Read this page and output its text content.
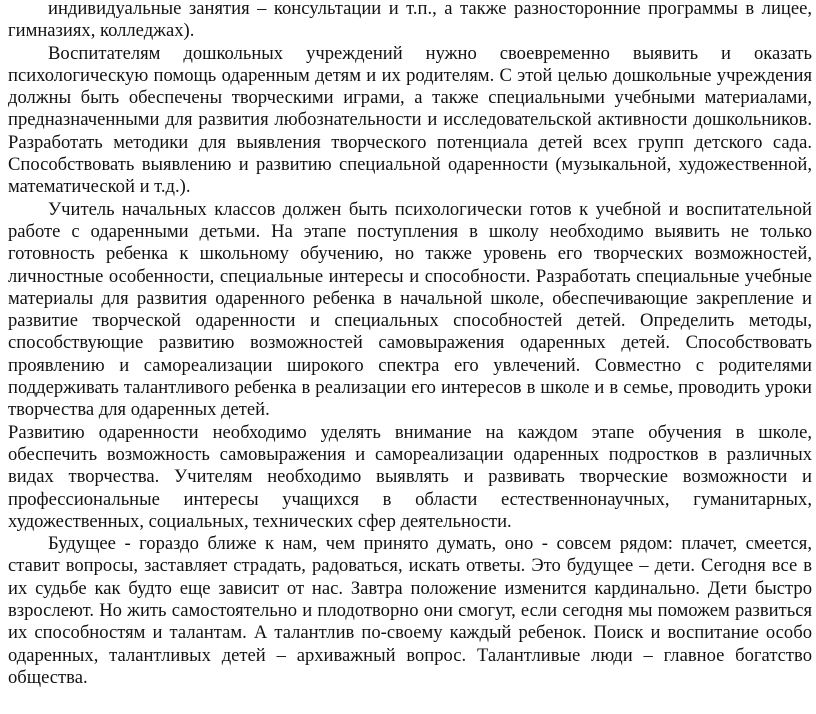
индивидуальные занятия – консультации и т.п., а также разносторонние программы в лицее, гимназиях, колледжах).

Воспитателям дошкольных учреждений нужно своевременно выявить и оказать психологическую помощь одаренным детям и их родителям. С этой целью дошкольные учреждения должны быть обеспечены творческими играми, а также специальными учебными материалами, предназначенными для развития любознательности и исследовательской активности дошкольников. Разработать методики для выявления творческого потенциала детей всех групп детского сада. Способствовать выявлению и развитию специальной одаренности (музыкальной, художественной, математической и т.д.).

Учитель начальных классов должен быть психологически готов к учебной и воспитательной работе с одаренными детьми. На этапе поступления в школу необходимо выявить не только готовность ребенка к школьному обучению, но также уровень его творческих возможностей, личностные особенности, специальные интересы и способности. Разработать специальные учебные материалы для развития одаренного ребенка в начальной школе, обеспечивающие закрепление и развитие творческой одаренности и специальных способностей детей. Определить методы, способствующие развитию возможностей самовыражения одаренных детей. Способствовать проявлению и самореализации широкого спектра его увлечений. Совместно с родителями поддерживать талантливого ребенка в реализации его интересов в школе и в семье, проводить уроки творчества для одаренных детей.

Развитию одаренности необходимо уделять внимание на каждом этапе обучения в школе, обеспечить возможность самовыражения и самореализации одаренных подростков в различных видах творчества. Учителям необходимо выявлять и развивать творческие возможности и профессиональные интересы учащихся в области естественнонаучных, гуманитарных, художественных, социальных, технических сфер деятельности.

Будущее - гораздо ближе к нам, чем принято думать, оно - совсем рядом: плачет, смеется, ставит вопросы, заставляет страдать, радоваться, искать ответы. Это будущее – дети. Сегодня все в их судьбе как будто еще зависит от нас. Завтра положение изменится кардинально. Дети быстро взрослеют. Но жить самостоятельно и плодотворно они смогут, если сегодня мы поможем развиться их способностям и талантам. А талантлив по-своему каждый ребенок. Поиск и воспитание особо одаренных, талантливых детей – архиважный вопрос. Талантливые люди – главное богатство общества.
